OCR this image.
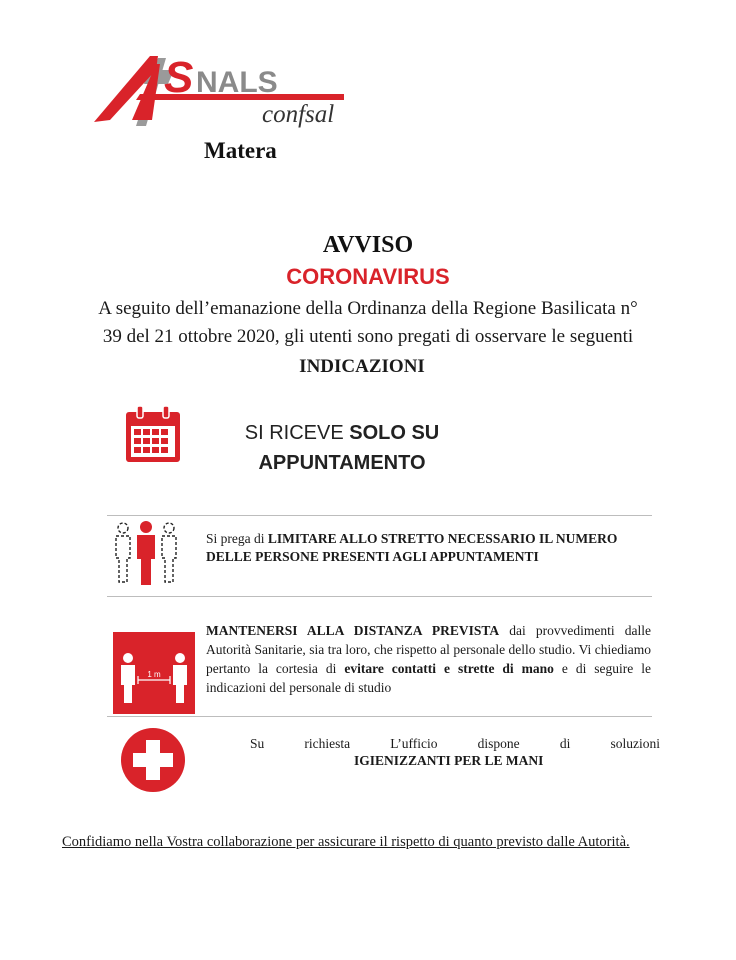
S NALS
confsal
Matera
AVVISO
CORONAVIRUS
A seguito dell’emanazione della Ordinanza della Regione Basilicata n°
39 del 21 ottobre 2020, gli utenti sono pregati di osservare le seguenti
INDICAZIONI
SI RICEVE SOLO SU
APPUNTAMENTO
Si prega di LIMITARE ALLO STRETTO NECESSARIO IL NUMERO
DELLE PERSONE PRESENTI AGLI APPUNTAMENTI
1 m
MANTENERSI ALLA DISTANZA PREVISTA dai provvedimenti dalle Autorità Sanitarie, sia tra loro, che rispetto al personale dello studio. Vi chiediamo pertanto la cortesia di evitare contatti e strette di mano e di seguire le indicazioni del personale di studio
Su	richiesta	L’ufficio	dispone	di	soluzioni
IGIENIZZANTI PER LE MANI
Confidiamo nella Vostra collaborazione per assicurare il rispetto di quanto previsto dalle Autorità.
